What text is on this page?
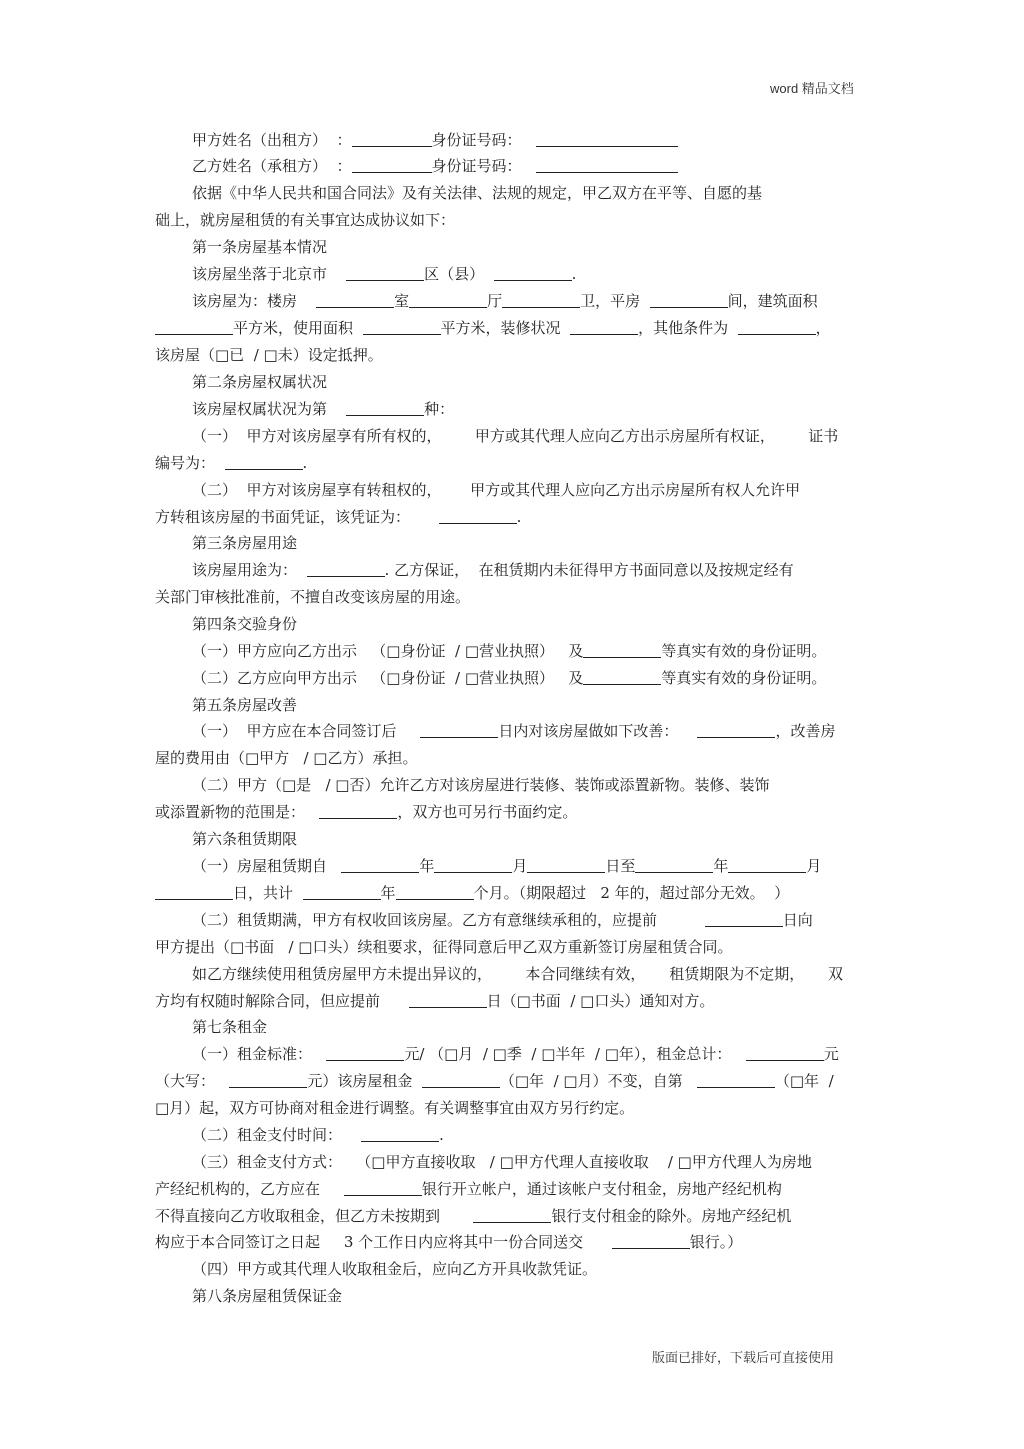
word 精品文档
甲方姓名（出租方）  ：	身份证号码：
乙方姓名（承租方）  ：	身份证号码：
依据《中华人民共和国合同法》及有关法律、法规的规定，甲乙双方在平等、自愿的基
础上，就房屋租赁的有关事宜达成协议如下：
第一条房屋基本情况
该房屋坐落于北京市	区（县）	.
该房屋为：楼房	室	厅	卫，平房	间，建筑面积
平方米，使用面积	平方米，装修状况	，其他条件为	，
该房屋（□已  / □未）设定抵押。
第二条房屋权属状况
该房屋权属状况为第	种：
（一）  甲方对该房屋享有所有权的，       甲方或其代理人应向乙方出示房屋所有权证，       证书
编号为：	.
（二）  甲方对该房屋享有转租权的，      甲方或其代理人应向乙方出示房屋所有权人允许甲
方转租该房屋的书面凭证，该凭证为：	.
第三条房屋用途
该房屋用途为：	. 乙方保证，  在租赁期内未征得甲方书面同意以及按规定经有
关部门审核批准前，不擅自改变该房屋的用途。
第四条交验身份
（一）甲方应向乙方出示   （□身份证  / □营业执照）   及	等真实有效的身份证明。
（二）乙方应向甲方出示   （□身份证  / □营业执照）   及	等真实有效的身份证明。
第五条房屋改善
（一）  甲方应在本合同签订后	日内对该房屋做如下改善：	，改善房
屋的费用由（□甲方   / □乙方）承担。
（二）甲方（□是   / □否）允许乙方对该房屋进行装修、装饰或添置新物。装修、装饰
或添置新物的范围是：	，双方也可另行书面约定。
第六条租赁期限
（一）房屋租赁期自	年	月	日至	年	月
日，共计	年	个月。（期限超过   2 年的，超过部分无效。  ）
（二）租赁期满，甲方有权收回该房屋。乙方有意继续承租的，应提前	日向
甲方提出（□书面   / □口头）续租要求，征得同意后甲乙双方重新签订房屋租赁合同。
如乙方继续使用租赁房屋甲方未提出异议的，       本合同继续有效，     租赁期限为不定期，     双
方均有权随时解除合同，但应提前	日（□书面  / □口头）通知对方。
第七条租金
（一）租金标准：	元/ （□月  / □季  / □半年  / □年），租金总计：	元
（大写：	元）该房屋租金	（□年  / □月）不变，自第	（□年  /
□月）起，双方可协商对租金进行调整。有关调整事宜由双方另行约定。
（二）租金支付时间：	.
（三）租金支付方式：   （□甲方直接收取   / □甲方代理人直接收取    / □甲方代理人为房地
产经纪机构的，乙方应在	银行开立帐户，通过该帐户支付租金，房地产经纪机构
不得直接向乙方收取租金，但乙方未按期到	银行支付租金的除外。房地产经纪机
构应于本合同签订之日起     3 个工作日内应将其中一份合同送交	银行。）
（四）甲方或其代理人收取租金后，应向乙方开具收款凭证。
第八条房屋租赁保证金
版面已排好，下载后可直接使用
